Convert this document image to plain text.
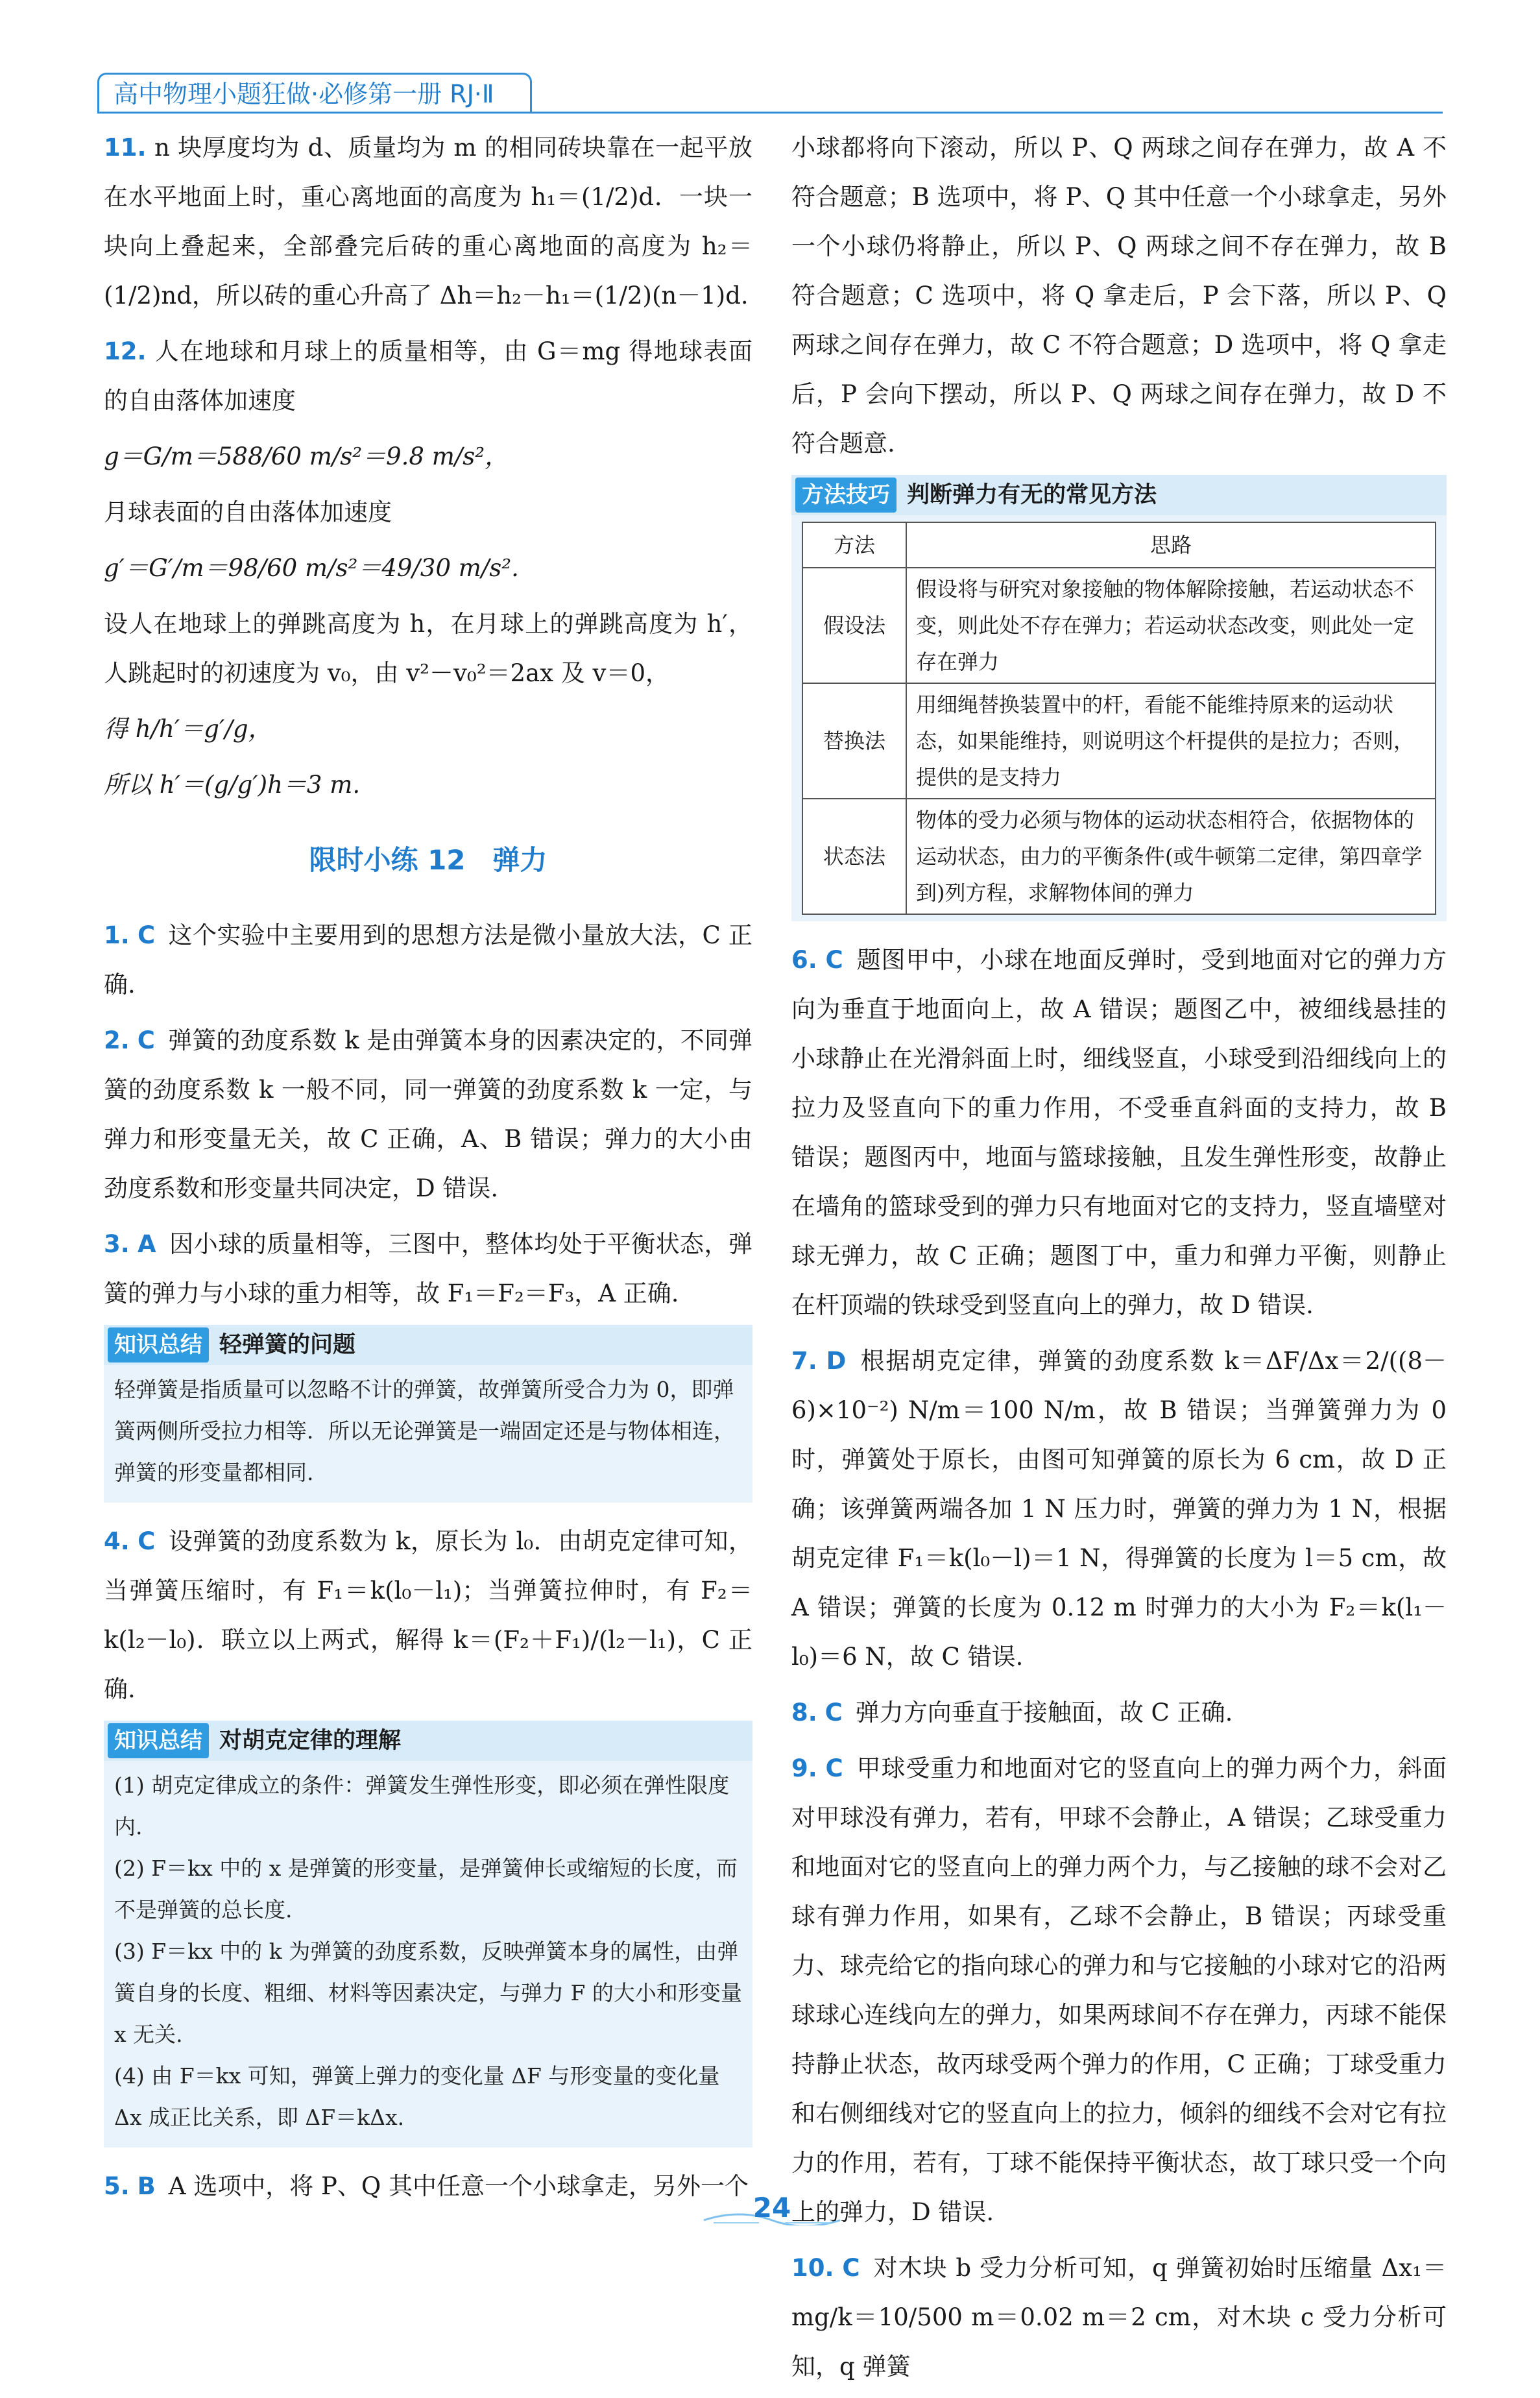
高中物理小题狂做·必修第一册 RJ·Ⅱ

11. n 块厚度均为 d、质量均为 m 的相同砖块靠在一起平放在水平地面上时，重心离地面的高度为 h₁＝(1/2)d．一块一块向上叠起来，全部叠完后砖的重心离地面的高度为 h₂＝(1/2)nd，所以砖的重心升高了 Δh＝h₂－h₁＝(1/2)(n－1)d.

12. 人在地球和月球上的质量相等，由 G＝mg 得地球表面的自由落体加速度

g＝G/m＝588/60 m/s²＝9.8 m/s²，

月球表面的自由落体加速度

g′＝G′/m＝98/60 m/s²＝49/30 m/s².

设人在地球上的弹跳高度为 h，在月球上的弹跳高度为 h′，人跳起时的初速度为 v₀，由 v²－v₀²＝2ax 及 v＝0，

得 h/h′＝g′/g，

所以 h′＝(g/g′)h＝3 m.

限时小练 12　弹力

1. C 这个实验中主要用到的思想方法是微小量放大法，C 正确.

2. C 弹簧的劲度系数 k 是由弹簧本身的因素决定的，不同弹簧的劲度系数 k 一般不同，同一弹簧的劲度系数 k 一定，与弹力和形变量无关，故 C 正确，A、B 错误；弹力的大小由劲度系数和形变量共同决定，D 错误.

3. A 因小球的质量相等，三图中，整体均处于平衡状态，弹簧的弹力与小球的重力相等，故 F₁＝F₂＝F₃，A 正确.

知识总结 轻弹簧的问题
轻弹簧是指质量可以忽略不计的弹簧，故弹簧所受合力为 0，即弹簧两侧所受拉力相等．所以无论弹簧是一端固定还是与物体相连，弹簧的形变量都相同.

4. C 设弹簧的劲度系数为 k，原长为 l₀．由胡克定律可知，当弹簧压缩时，有 F₁＝k(l₀－l₁)；当弹簧拉伸时，有 F₂＝k(l₂－l₀)．联立以上两式，解得 k＝(F₂＋F₁)/(l₂－l₁)，C 正确.

知识总结 对胡克定律的理解

(1) 胡克定律成立的条件：弹簧发生弹性形变，即必须在弹性限度内.

(2) F＝kx 中的 x 是弹簧的形变量，是弹簧伸长或缩短的长度，而不是弹簧的总长度.

(3) F＝kx 中的 k 为弹簧的劲度系数，反映弹簧本身的属性，由弹簧自身的长度、粗细、材料等因素决定，与弹力 F 的大小和形变量 x 无关.

(4) 由 F＝kx 可知，弹簧上弹力的变化量 ΔF 与形变量的变化量 Δx 成正比关系，即 ΔF＝kΔx.

5. B A 选项中，将 P、Q 其中任意一个小球拿走，另外一个

小球都将向下滚动，所以 P、Q 两球之间存在弹力，故 A 不符合题意；B 选项中，将 P、Q 其中任意一个小球拿走，另外一个小球仍将静止，所以 P、Q 两球之间不存在弹力，故 B 符合题意；C 选项中，将 Q 拿走后，P 会下落，所以 P、Q 两球之间存在弹力，故 C 不符合题意；D 选项中，将 Q 拿走后，P 会向下摆动，所以 P、Q 两球之间存在弹力，故 D 不符合题意.

方法技巧 判断弹力有无的常见方法
方法	思路
假设法	假设将与研究对象接触的物体解除接触，若运动状态不变，则此处不存在弹力；若运动状态改变，则此处一定存在弹力
替换法	用细绳替换装置中的杆，看能不能维持原来的运动状态，如果能维持，则说明这个杆提供的是拉力；否则，提供的是支持力
状态法	物体的受力必须与物体的运动状态相符合，依据物体的运动状态，由力的平衡条件(或牛顿第二定律，第四章学到)列方程，求解物体间的弹力

6. C 题图甲中，小球在地面反弹时，受到地面对它的弹力方向为垂直于地面向上，故 A 错误；题图乙中，被细线悬挂的小球静止在光滑斜面上时，细线竖直，小球受到沿细线向上的拉力及竖直向下的重力作用，不受垂直斜面的支持力，故 B 错误；题图丙中，地面与篮球接触，且发生弹性形变，故静止在墙角的篮球受到的弹力只有地面对它的支持力，竖直墙壁对球无弹力，故 C 正确；题图丁中，重力和弹力平衡，则静止在杆顶端的铁球受到竖直向上的弹力，故 D 错误.

7. D 根据胡克定律，弹簧的劲度系数 k＝ΔF/Δx＝2/((8－6)×10⁻²) N/m＝100 N/m，故 B 错误；当弹簧弹力为 0 时，弹簧处于原长，由图可知弹簧的原长为 6 cm，故 D 正确；该弹簧两端各加 1 N 压力时，弹簧的弹力为 1 N，根据胡克定律 F₁＝k(l₀－l)＝1 N，得弹簧的长度为 l＝5 cm，故 A 错误；弹簧的长度为 0.12 m 时弹力的大小为 F₂＝k(l₁－l₀)＝6 N，故 C 错误.

8. C 弹力方向垂直于接触面，故 C 正确.

9. C 甲球受重力和地面对它的竖直向上的弹力两个力，斜面对甲球没有弹力，若有，甲球不会静止，A 错误；乙球受重力和地面对它的竖直向上的弹力两个力，与乙接触的球不会对乙球有弹力作用，如果有，乙球不会静止，B 错误；丙球受重力、球壳给它的指向球心的弹力和与它接触的小球对它的沿两球球心连线向左的弹力，如果两球间不存在弹力，丙球不能保持静止状态，故丙球受两个弹力的作用，C 正确；丁球受重力和右侧细线对它的竖直向上的拉力，倾斜的细线不会对它有拉力的作用，若有，丁球不能保持平衡状态，故丁球只受一个向上的弹力，D 错误.

10. C 对木块 b 受力分析可知，q 弹簧初始时压缩量 Δx₁＝mg/k＝10/500 m＝0.02 m＝2 cm，对木块 c 受力分析可知，q 弹簧

24
